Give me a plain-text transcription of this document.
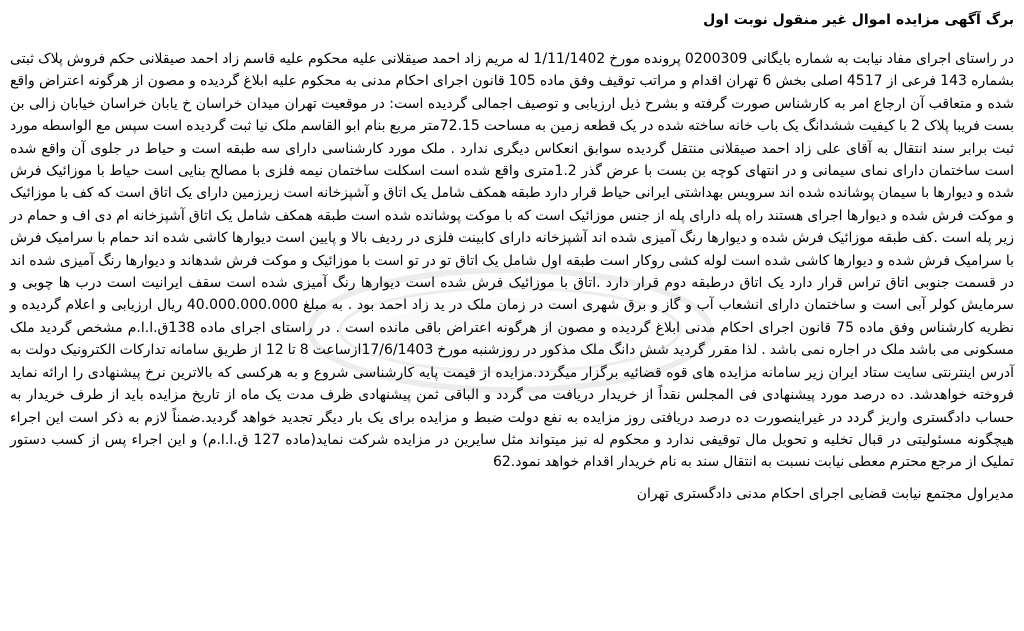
برگ آگهی مزایده اموال غیر منقول نوبت اول

در راستای اجرای مفاد نیابت به شماره بایگانی 0200309 پرونده مورخ 1/11/1402 له مریم زاد احمد صیقلانی علیه محکوم علیه قاسم زاد احمد صیقلانی حکم فروش پلاک ثبتی بشماره 143 فرعی از 4517 اصلی بخش 6 تهران اقدام و مراتب توقیف وفق ماده 105 قانون اجرای احکام مدنی به محکوم علیه ابلاغ گردیده و مصون از هرگونه اعتراض واقع شده و متعاقب آن ارجاع امر به کارشناس صورت گرفته و بشرح ذیل ارزیابی و توصیف اجمالی گردیده است: در موقعیت تهران میدان خراسان خ یابان خراسان خیابان زالی بن بست فریبا پلاک 2 با کیفیت ششدانگ یک باب خانه ساخته شده در یک قطعه زمین به مساحت 72.15متر مربع بنام ابو القاسم ملک نیا ثبت گردیده است سپس مع الواسطه مورد ثبت برابر سند انتقال به آقای علی زاد احمد صیقلانی منتقل گردیده سوابق انعکاس دیگری ندارد . ملک مورد کارشناسی دارای سه طبقه است و حیاط در جلوی آن واقع شده است ساختمان دارای نمای سیمانی و در انتهای کوچه بن بست با عرض گذر 1.2متری واقع شده است اسکلت ساختمان نیمه فلزی با مصالح بنایی است حیاط با موزائیک فرش شده و دیوارها با سیمان پوشانده شده اند سرویس بهداشتی ایرانی حیاط قرار دارد طبقه همکف شامل یک اتاق و آشپزخانه است زیرزمین دارای یک اتاق است که کف با موزائیک و موکت فرش شده و دیوارها اجرای هستند راه پله دارای پله از جنس موزائیک است که با موکت پوشانده شده است طبقه همکف شامل یک اتاق آشپزخانه ام دی اف و حمام در زیر پله است .کف طبقه موزائیک فرش شده و دیوارها رنگ آمیزی شده اند آشپزخانه دارای کابینت فلزی در ردیف بالا و پایین است دیوارها کاشی شده اند حمام با سرامیک فرش با سرامیک فرش شده و دیوارها کاشی شده است لوله کشی روکار است طبقه اول شامل یک اتاق تو در تو است با موزائیک و موکت فرش شدهاند و دیوارها رنگ آمیزی شده اند در قسمت جنوبی اتاق تراس قرار دارد یک اتاق درطبقه دوم قرار دارد .اتاق با موزائیک فرش شده است دیوارها رنگ آمیزی شده است سقف ایرانیت است درب ها چوبی و سرمایش کولر آبی است و ساختمان دارای انشعاب آب و گاز و برق شهری است در زمان ملک در ید زاد احمد بود . به مبلغ 40.000.000.000 ریال ارزیابی و اعلام گردیده و نظریه کارشناس وفق ماده 75 قانون اجرای احکام مدنی ابلاغ گردیده و مصون از هرگونه اعتراض باقی مانده است . در راستای اجرای ماده 138ق.ا.ا.م مشخص گردید ملک مسکونی می باشد ملک در اجاره نمی باشد . لذا مقرر گردید شش دانگ ملک مذکور در روزشنبه مورخ 17/6/1403ازساعت 8 تا 12 از طریق سامانه تدارکات الکترونیک دولت به آدرس اینترنتی سایت ستاد ایران زیر سامانه مزایده های قوه قضائیه برگزار میگردد.مزایده از قیمت پایه کارشناسی شروع و به هرکسی که بالاترین نرخ پیشنهادی را ارائه نماید فروخته خواهدشد. ده درصد مورد پیشنهادی فی المجلس نقداً از خریدار دریافت می گردد و الباقی ثمن پیشنهادی ظرف مدت یک ماه از تاریخ مزایده باید از طرف خریدار به حساب دادگستری واریز گردد در غیراینصورت ده درصد دریافتی روز مزایده به نفع دولت ضبط و مزایده برای یک بار دیگر تجدید خواهد گردید.ضمناً لازم به ذکر است این اجراء هیچگونه مسئولیتی در قبال تخلیه و تحویل مال توقیفی ندارد و محکوم له نیز میتواند مثل سایرین در مزایده شرکت نماید(ماده 127 ق.ا.ا.م) و این اجراء پس از کسب دستور تملیک از مرجع محترم معطی نیابت نسبت به انتقال سند به نام خریدار اقدام خواهد نمود.62

مدیراول مجتمع نیابت قضایی اجرای احکام مدنی دادگستری تهران
